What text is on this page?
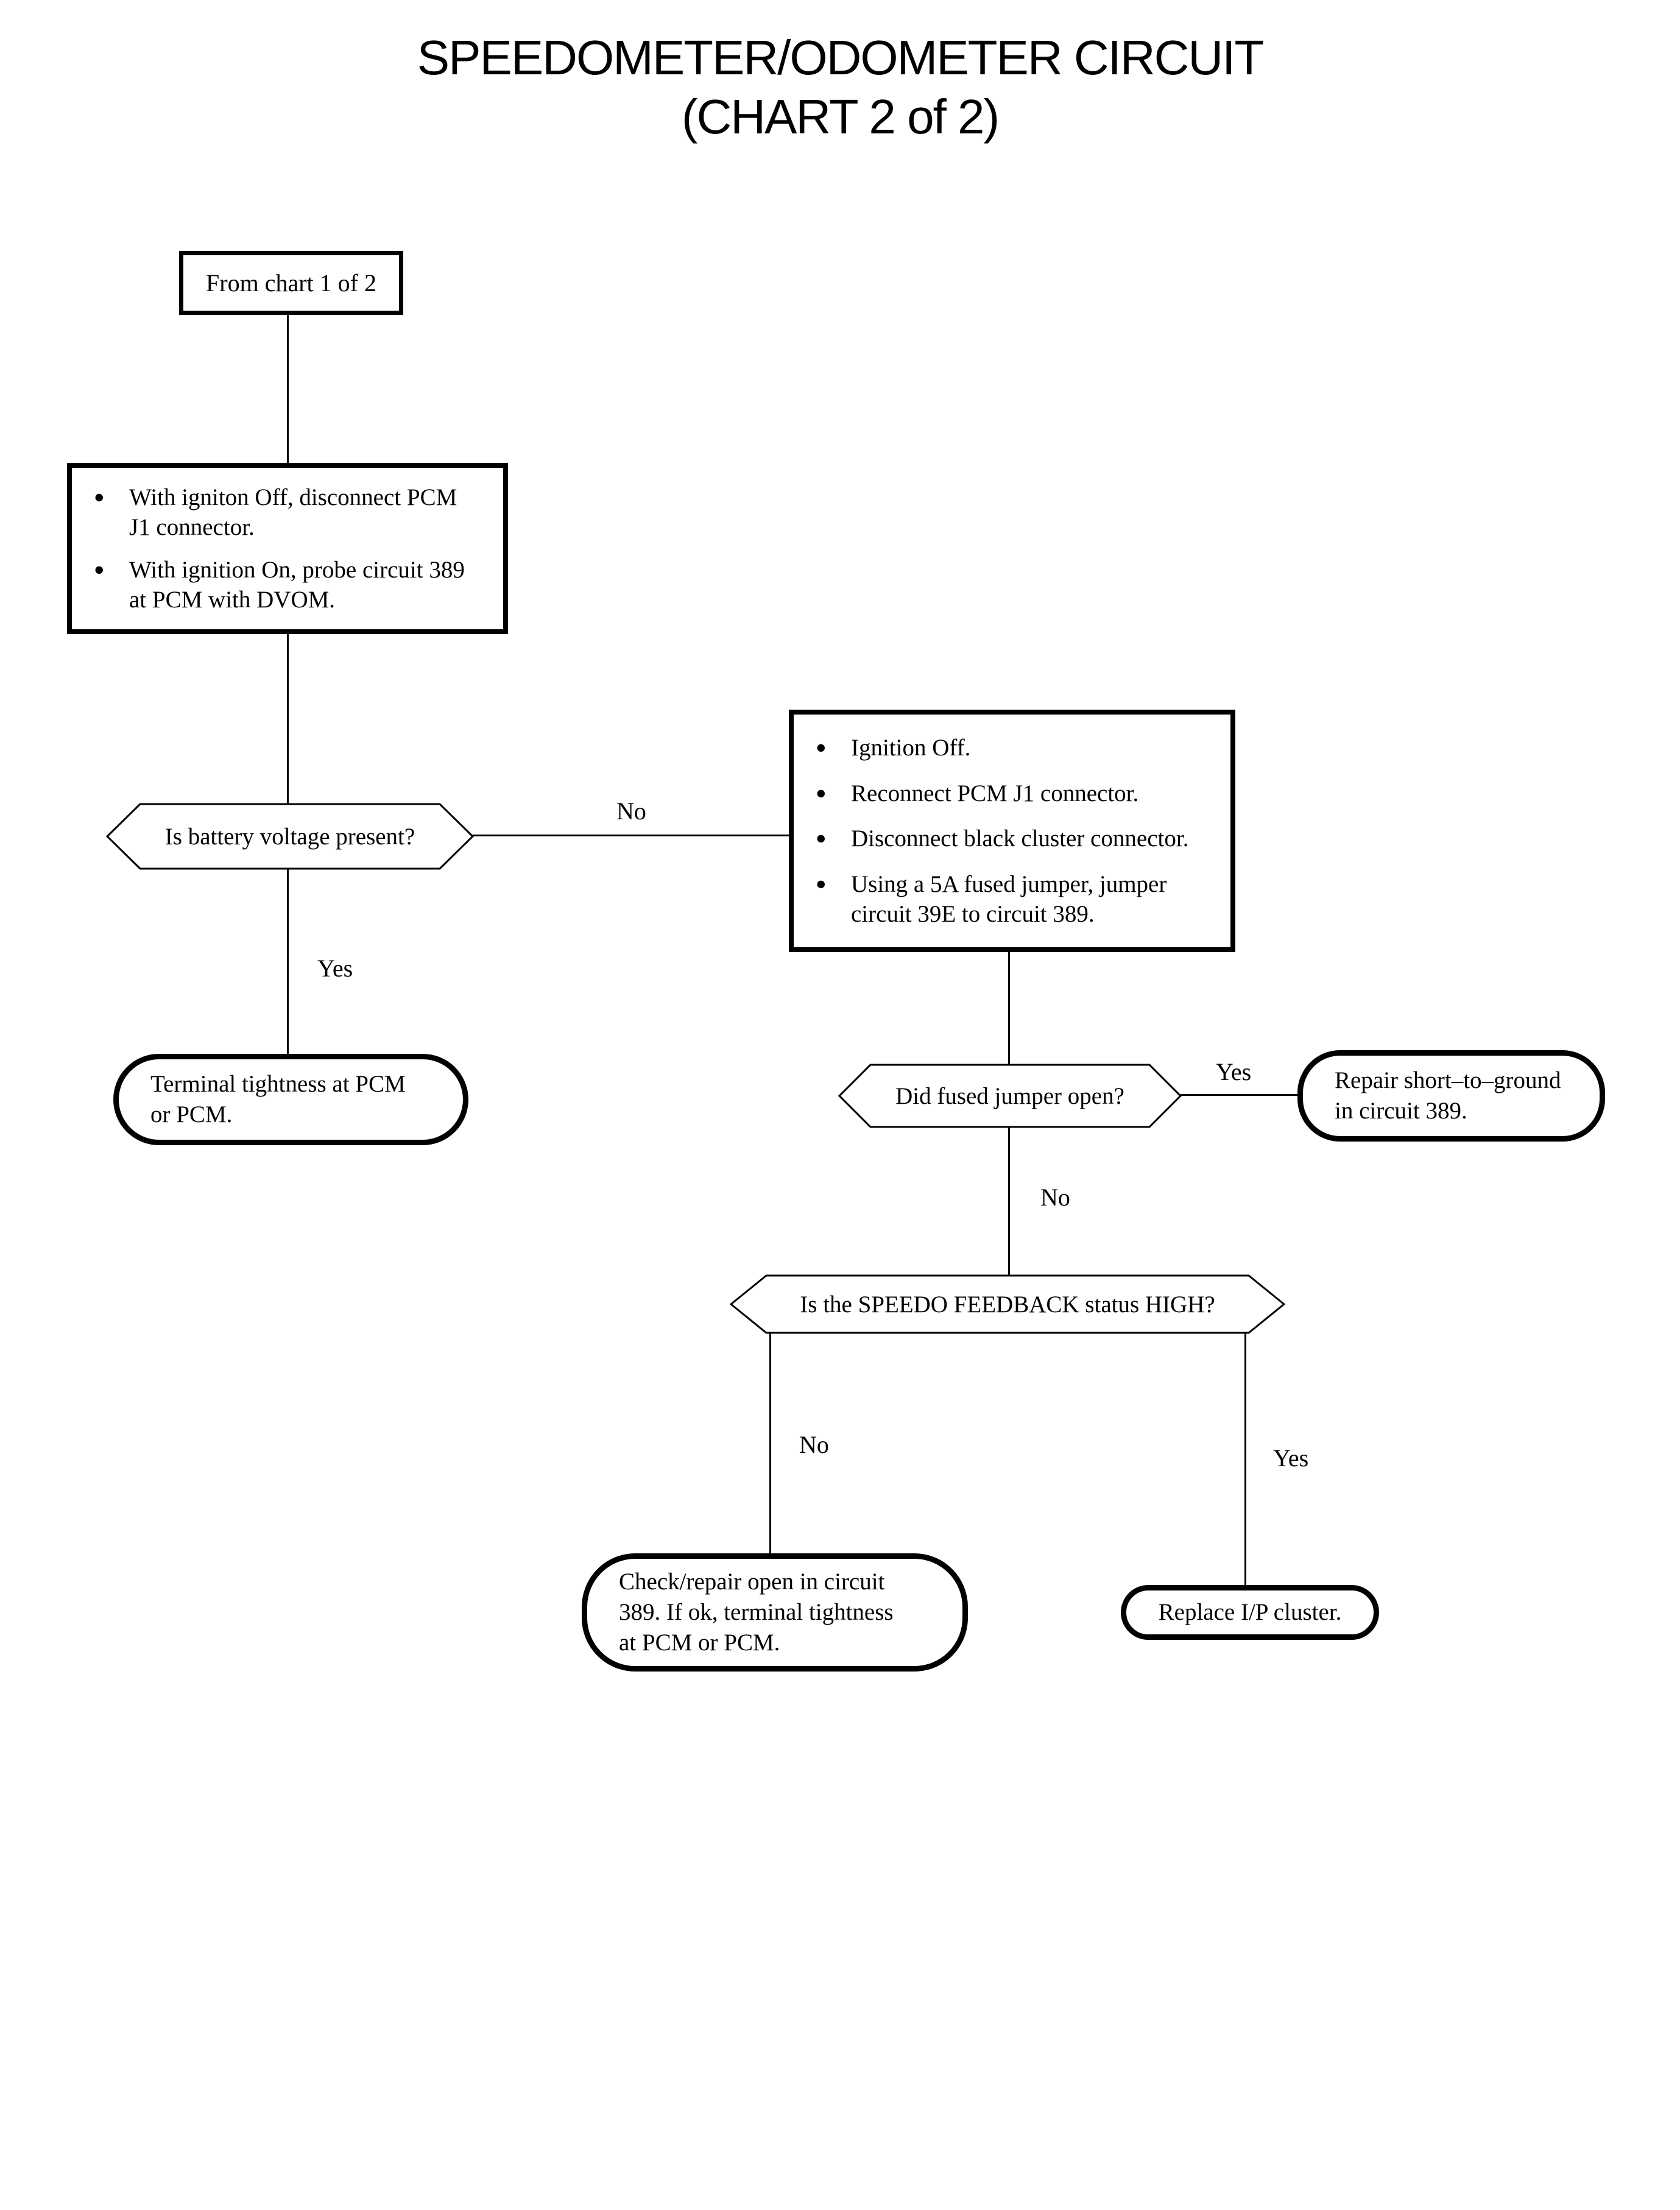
SPEEDOMETER/ODOMETER CIRCUIT
(CHART 2 of 2)
No
Yes
Yes
No
No	Yes
From chart 1 of 2
●	With igniton Off, disconnect PCM
J1 connector.
●	With ignition On, probe circuit 389
at PCM with DVOM.
Is battery voltage present?
●	Ignition Off.
●	Reconnect PCM J1 connector.
●	Disconnect black cluster connector.
●	Using a 5A fused jumper, jumper
circuit 39E to circuit 389.
Did fused jumper open?
Repair short–to–ground
in circuit 389.
Terminal tightness at PCM
or PCM.
Is the SPEEDO FEEDBACK status HIGH?
Check/repair open in circuit
389. If ok, terminal tightness
at PCM or PCM.
Replace I/P cluster.
